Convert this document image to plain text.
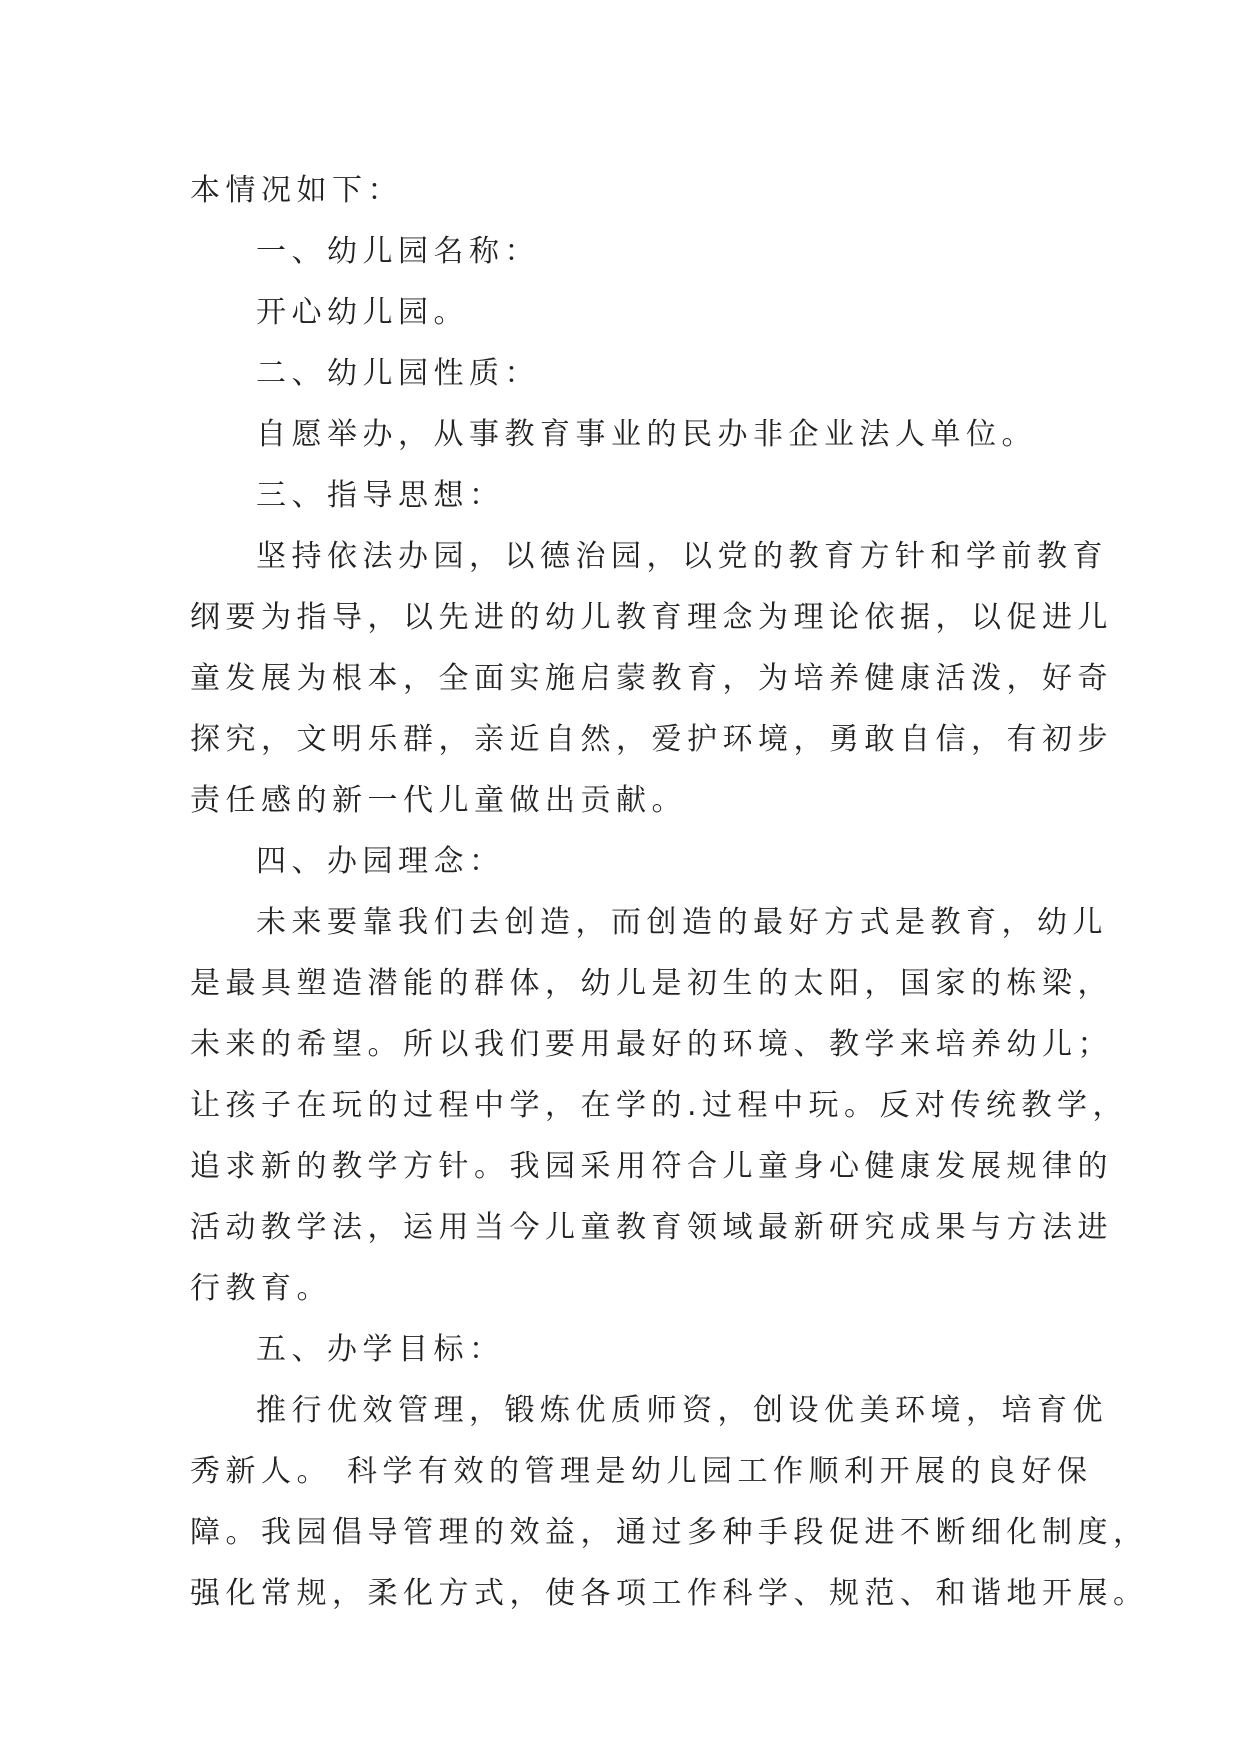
本情况如下：
一、幼儿园名称：
开心幼儿园。
二、幼儿园性质：
自愿举办，从事教育事业的民办非企业法人单位。
三、指导思想：
坚持依法办园，以德治园，以党的教育方针和学前教育
纲要为指导，以先进的幼儿教育理念为理论依据，以促进儿
童发展为根本，全面实施启蒙教育，为培养健康活泼，好奇
探究，文明乐群，亲近自然，爱护环境，勇敢自信，有初步
责任感的新一代儿童做出贡献。
四、办园理念：
未来要靠我们去创造，而创造的最好方式是教育，幼儿
是最具塑造潜能的群体，幼儿是初生的太阳，国家的栋梁，
未来的希望。所以我们要用最好的环境、教学来培养幼儿；
让孩子在玩的过程中学，在学的.过程中玩。反对传统教学，
追求新的教学方针。我园采用符合儿童身心健康发展规律的
活动教学法，运用当今儿童教育领域最新研究成果与方法进
行教育。
五、办学目标：
推行优效管理，锻炼优质师资，创设优美环境，培育优
秀新人。 科学有效的管理是幼儿园工作顺利开展的良好保
障。我园倡导管理的效益，通过多种手段促进不断细化制度，
强化常规，柔化方式，使各项工作科学、规范、和谐地开展。
